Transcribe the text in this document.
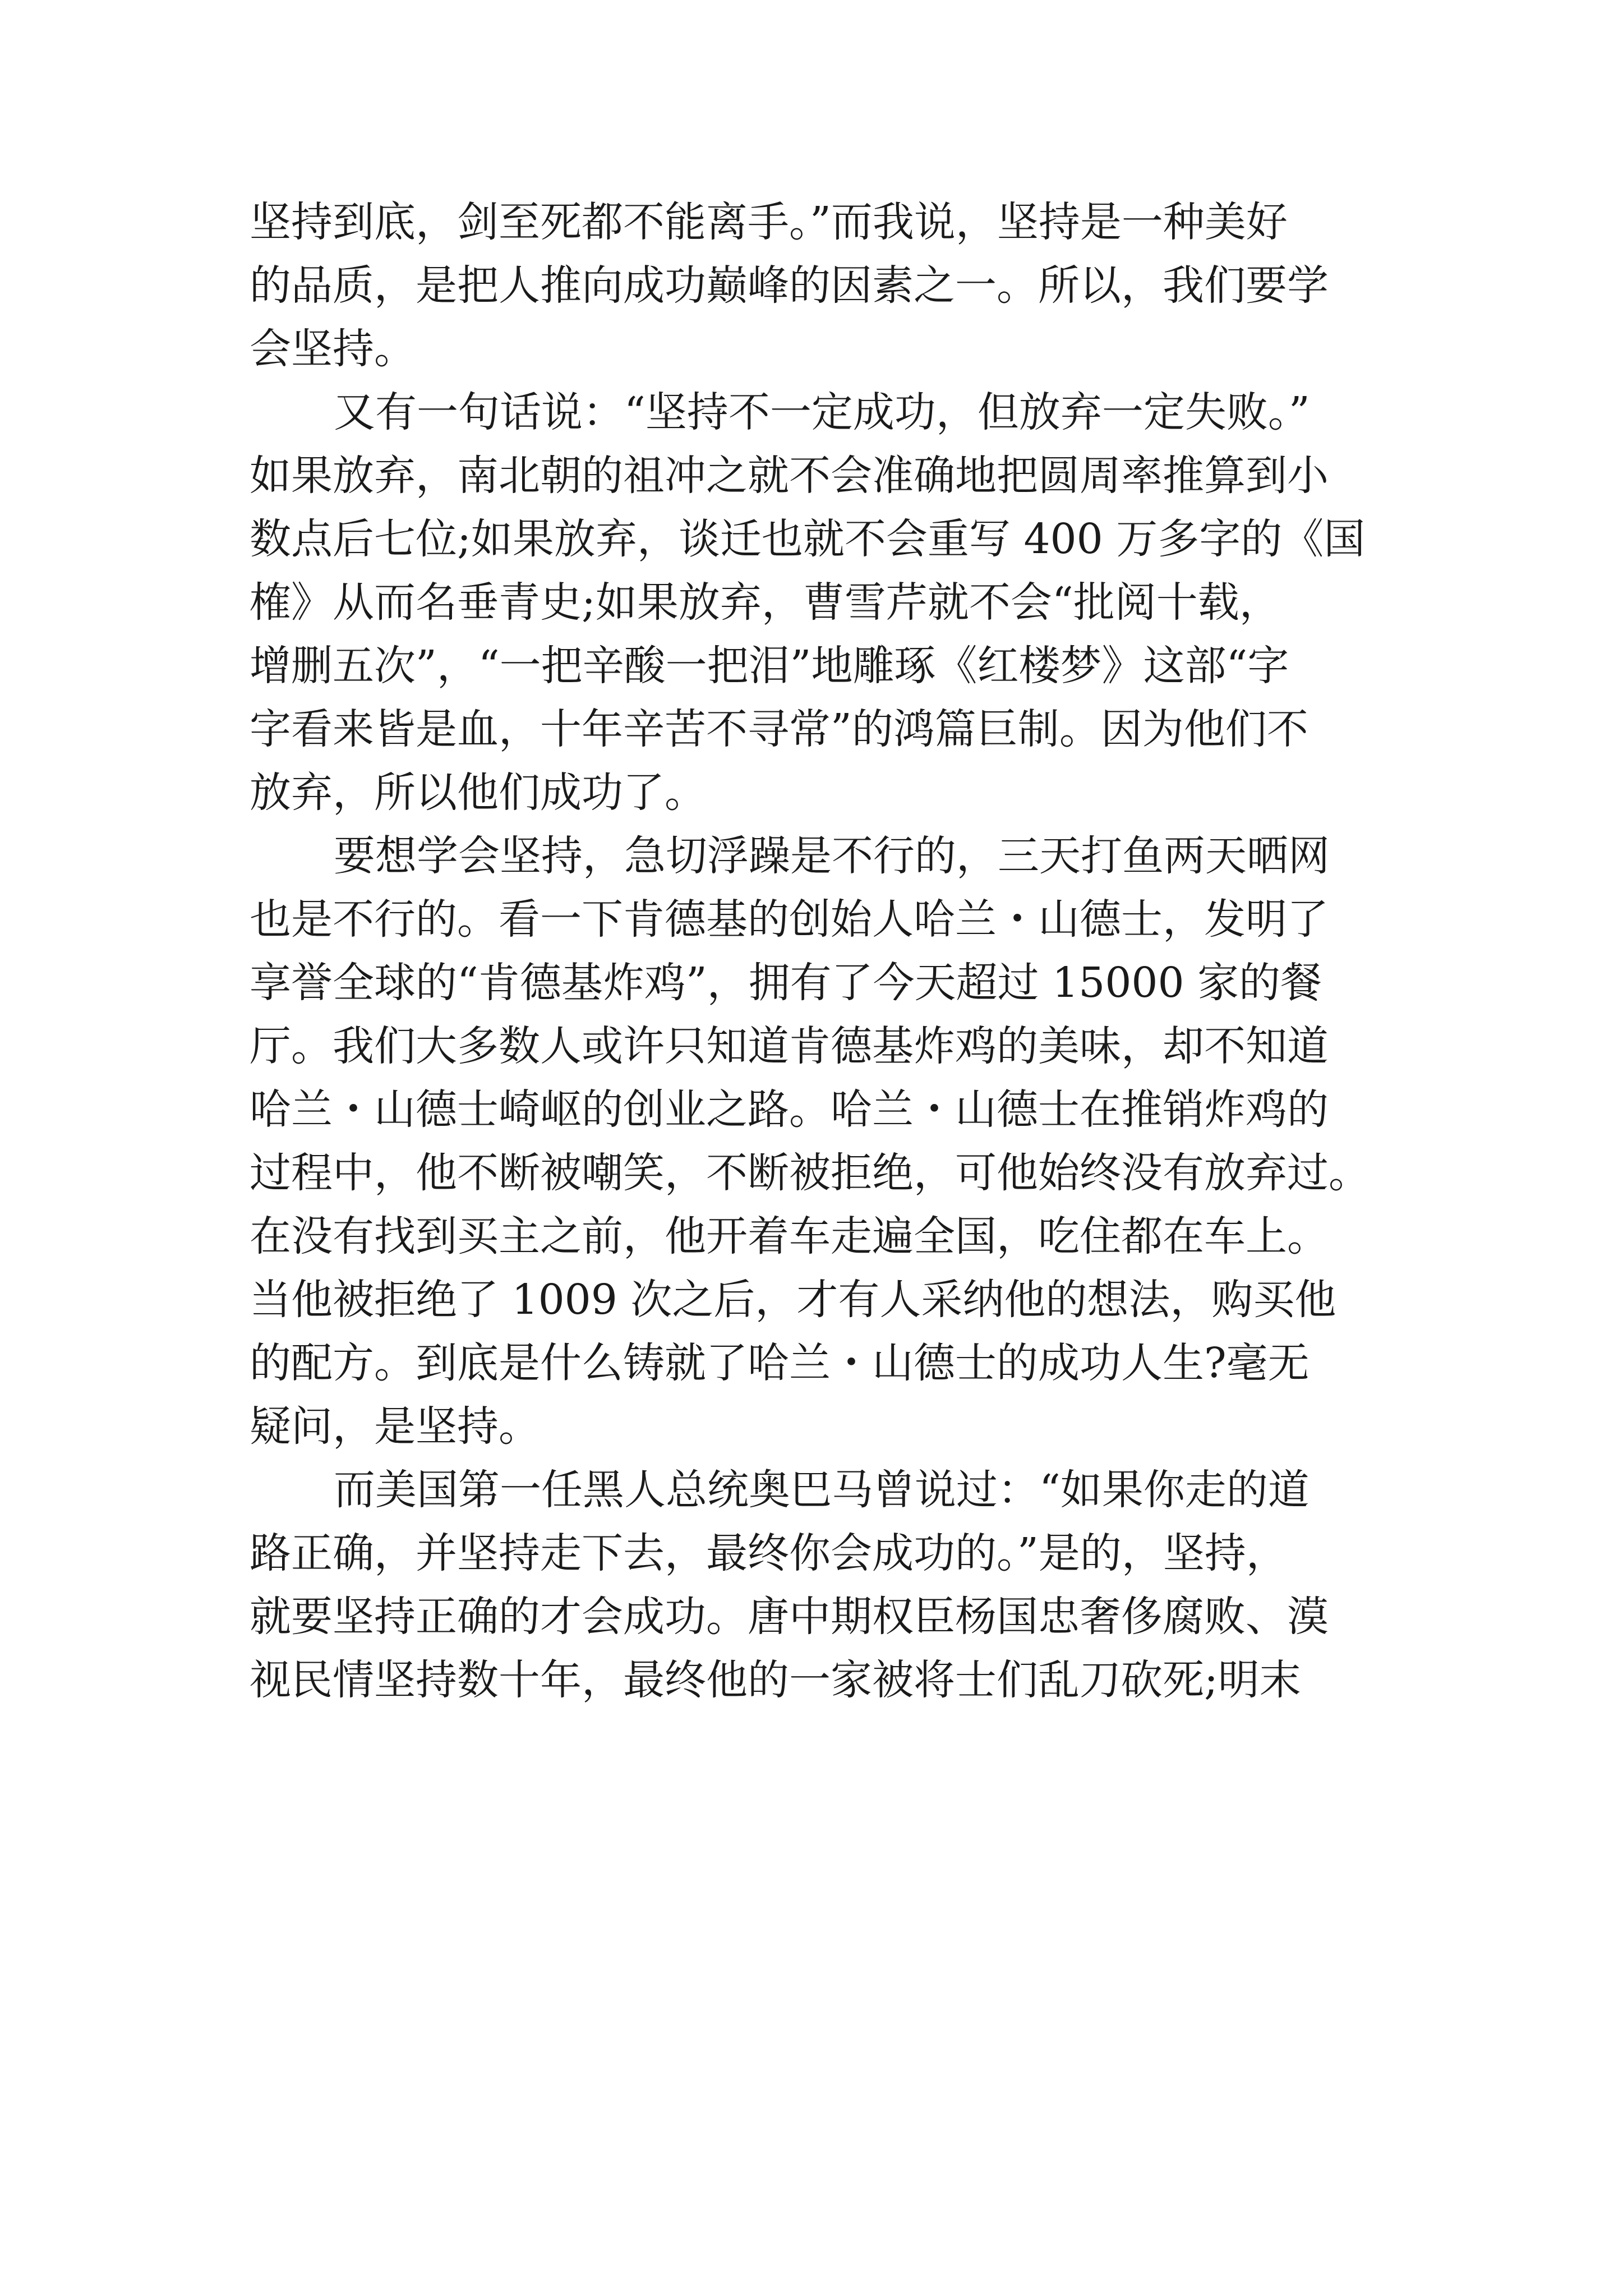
坚持到底，剑至死都不能离手。”而我说，坚持是一种美好
的品质，是把人推向成功巅峰的因素之一。所以，我们要学
会坚持。
又有一句话说：“坚持不一定成功，但放弃一定失败。”
如果放弃，南北朝的祖冲之就不会准确地把圆周率推算到小
数点后七位;如果放弃，谈迁也就不会重写 400 万多字的《国
榷》从而名垂青史;如果放弃，曹雪芹就不会“批阅十载，
增删五次”，“一把辛酸一把泪”地雕琢《红楼梦》这部“字
字看来皆是血，十年辛苦不寻常”的鸿篇巨制。因为他们不
放弃，所以他们成功了。
要想学会坚持，急切浮躁是不行的，三天打鱼两天晒网
也是不行的。看一下肯德基的创始人哈兰・山德士，发明了
享誉全球的“肯德基炸鸡”，拥有了今天超过 15000 家的餐
厅。我们大多数人或许只知道肯德基炸鸡的美味，却不知道
哈兰・山德士崎岖的创业之路。哈兰・山德士在推销炸鸡的
过程中，他不断被嘲笑，不断被拒绝，可他始终没有放弃过。
在没有找到买主之前，他开着车走遍全国，吃住都在车上。
当他被拒绝了 1009 次之后，才有人采纳他的想法，购买他
的配方。到底是什么铸就了哈兰・山德士的成功人生?毫无
疑问，是坚持。
而美国第一任黑人总统奥巴马曾说过：“如果你走的道
路正确，并坚持走下去，最终你会成功的。”是的，坚持，
就要坚持正确的才会成功。唐中期权臣杨国忠奢侈腐败、漠
视民情坚持数十年，最终他的一家被将士们乱刀砍死;明末
